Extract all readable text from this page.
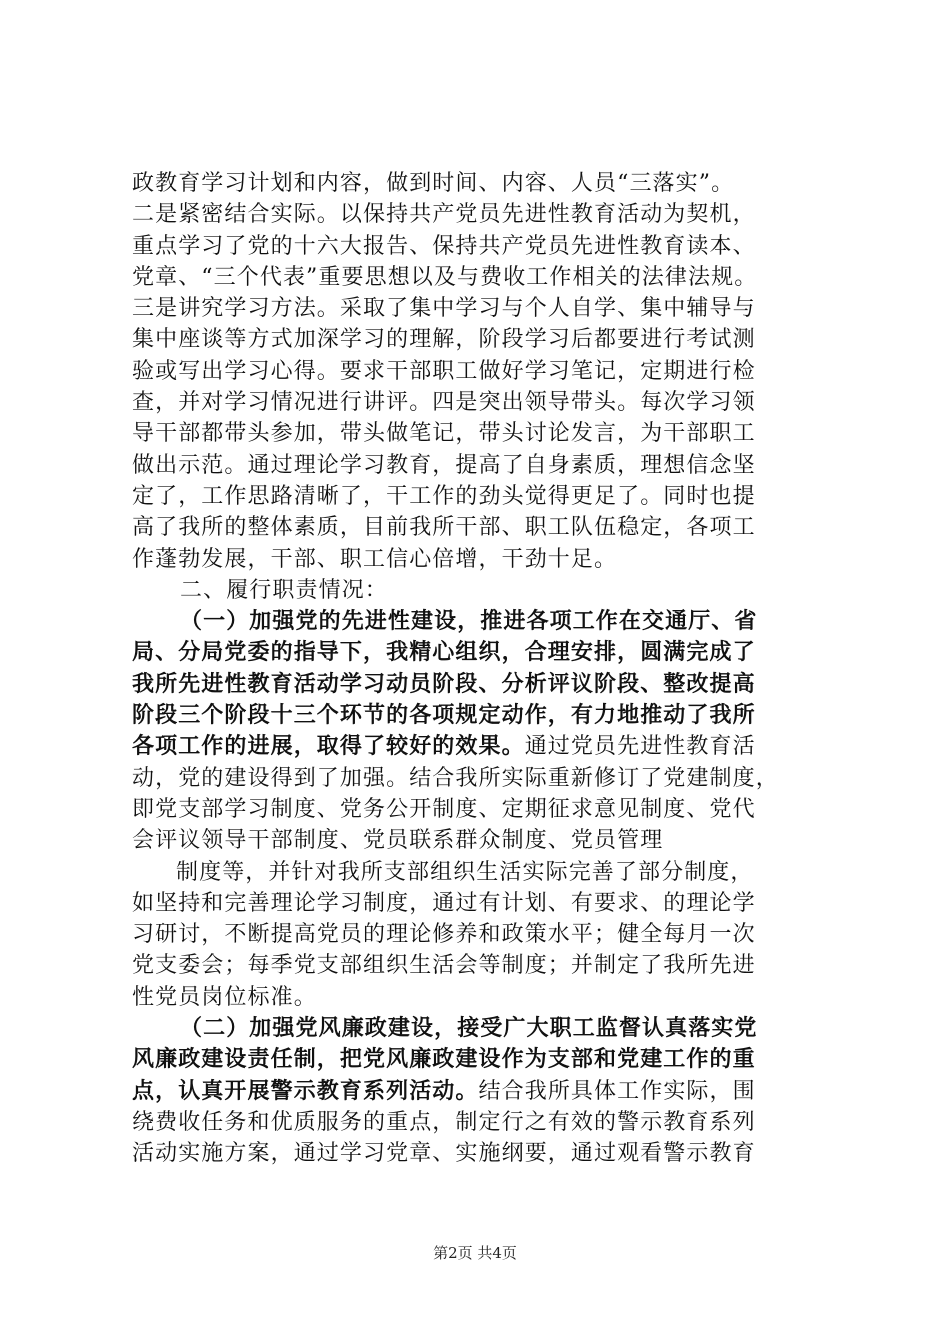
政教育学习计划和内容，做到时间、内容、人员“三落实”。
二是紧密结合实际。以保持共产党员先进性教育活动为契机，
重点学习了党的十六大报告、保持共产党员先进性教育读本、
党章、“三个代表”重要思想以及与费收工作相关的法律法规。
三是讲究学习方法。采取了集中学习与个人自学、集中辅导与
集中座谈等方式加深学习的理解，阶段学习后都要进行考试测
验或写出学习心得。要求干部职工做好学习笔记，定期进行检
查，并对学习情况进行讲评。四是突出领导带头。每次学习领
导干部都带头参加，带头做笔记，带头讨论发言，为干部职工
做出示范。通过理论学习教育，提高了自身素质，理想信念坚
定了，工作思路清晰了，干工作的劲头觉得更足了。同时也提
高了我所的整体素质，目前我所干部、职工队伍稳定，各项工
作蓬勃发展，干部、职工信心倍增，干劲十足。
二、履行职责情况：
（一）加强党的先进性建设，推进各项工作在交通厅、省
局、分局党委的指导下，我精心组织，合理安排，圆满完成了
我所先进性教育活动学习动员阶段、分析评议阶段、整改提高
阶段三个阶段十三个环节的各项规定动作，有力地推动了我所
各项工作的进展，取得了较好的效果。通过党员先进性教育活
动，党的建设得到了加强。结合我所实际重新修订了党建制度，
即党支部学习制度、党务公开制度、定期征求意见制度、党代
会评议领导干部制度、党员联系群众制度、党员管理
制度等，并针对我所支部组织生活实际完善了部分制度，
如坚持和完善理论学习制度，通过有计划、有要求、的理论学
习研讨，不断提高党员的理论修养和政策水平；健全每月一次
党支委会；每季党支部组织生活会等制度；并制定了我所先进
性党员岗位标准。
（二）加强党风廉政建设，接受广大职工监督认真落实党
风廉政建设责任制，把党风廉政建设作为支部和党建工作的重
点，认真开展警示教育系列活动。结合我所具体工作实际，围
绕费收任务和优质服务的重点，制定行之有效的警示教育系列
活动实施方案，通过学习党章、实施纲要，通过观看警示教育
第2页 共4页
